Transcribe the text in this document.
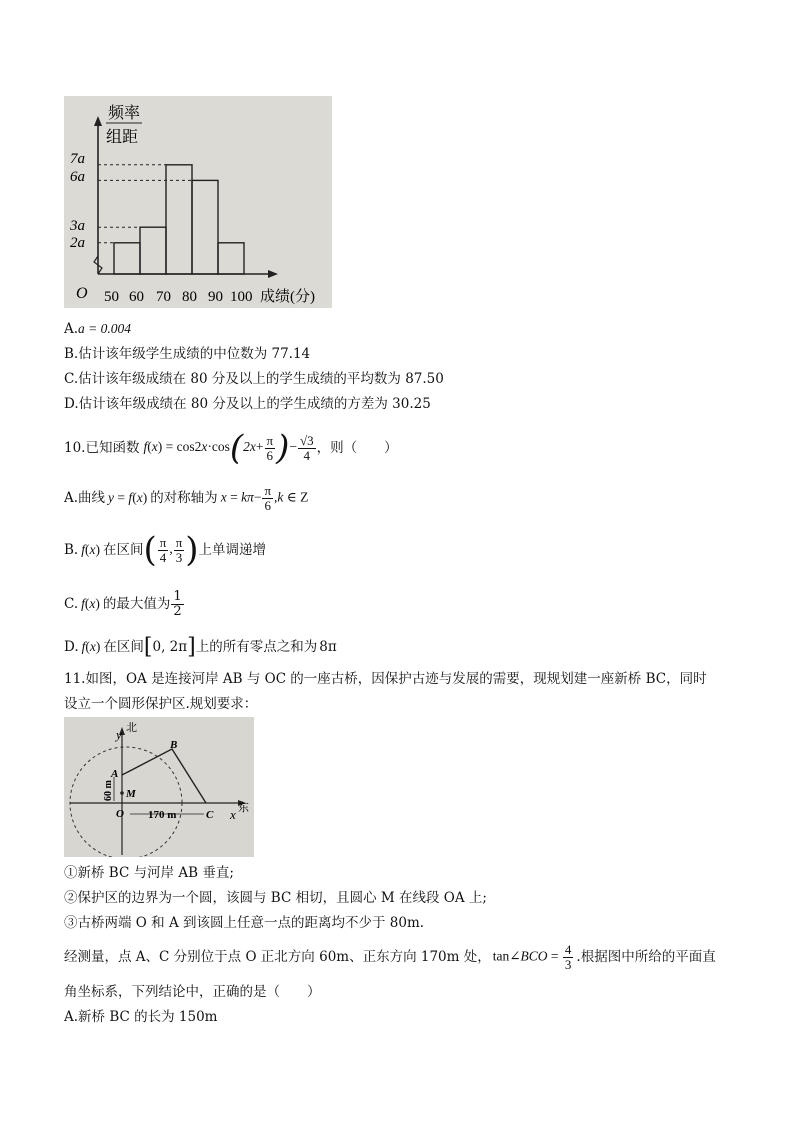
频率
组距
7a
6a
3a
2a
O 50 60 70 80 90 100 成绩(分)
A.a = 0.004
B.估计该年级学生成绩的中位数为 77.14
C.估计该年级成绩在 80 分及以上的学生成绩的平均数为 87.50
D.估计该年级成绩在 80 分及以上的学生成绩的方差为 30.25
10.已知函数 $f(x) = \cos 2x\cdot\cos(2x+ \frac{\pi}{6}$ )− $\frac{√3}{4}$ ，则（　　）
A.曲线 y = f(x) 的对称轴为 $x = k\pi- \frac{\pi}{6} ,k$ ∈ Z
B. f(x) 在区间 ( $\frac{\pi}{4}$ , $\frac{\pi}{3}$ ) 上单调递增
C. f(x) 的最大值为 $\frac{1}{2}$
D. f(x) 在区间 [0, 2π] 上的所有零点之和为 8π
11.如图，OA 是连接河岸 AB 与 OC 的一座古桥，因保护古迹与发展的需要，现规划建一座新桥 BC，同时
设立一个圆形保护区.规划要求：
北
东
y
x
A
B
C
M
O
60 m
170 m
①新桥 BC 与河岸 AB 垂直;
②保护区的边界为一个圆，该圆与 BC 相切，且圆心 M 在线段 OA 上;
③古桥两端 O 和 A 到该圆上任意一点的距离均不少于 80m.
经测量，点 A、C 分别位于点 O 正北方向 60m、正东方向 170m 处， tan∠BCO = $\frac{4}{3}$ .根据图中所给的平面直
角坐标系，下列结论中，正确的是（　　）
A.新桥 BC 的长为 150m
